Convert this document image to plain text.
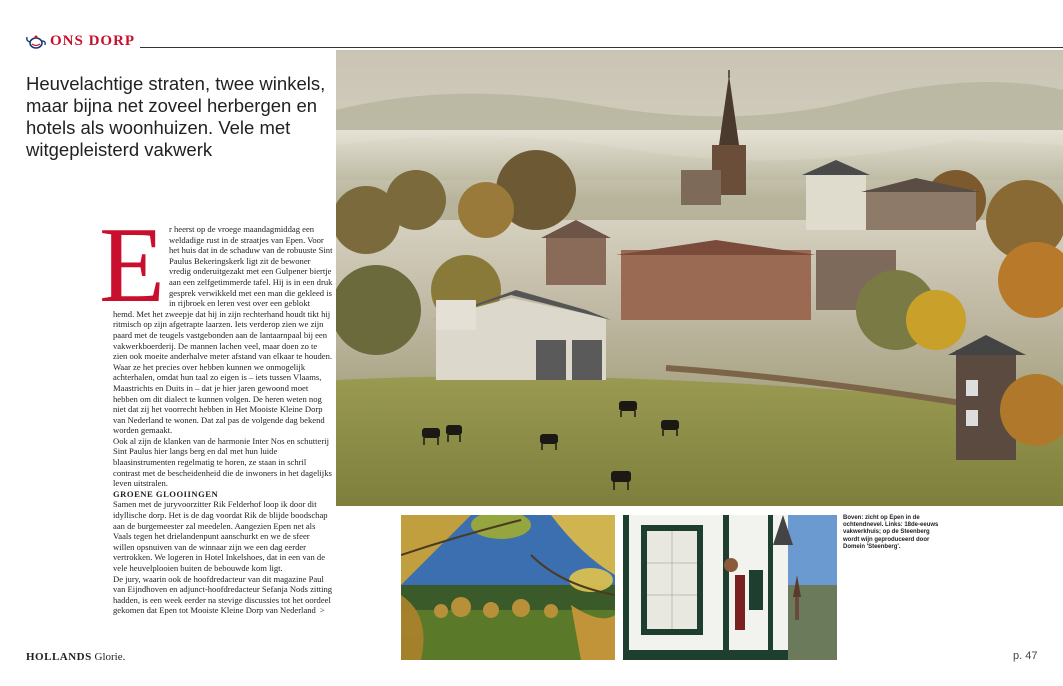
ONS DORP
Heuvelachtige straten, twee winkels, maar bijna net zoveel herbergen en hotels als woonhuizen. Vele met witgepleisterd vakwerk
E r heerst op de vroege maandagmiddag een weldadige rust in de straatjes van Epen. Voor het huis dat in de schaduw van de robuuste Sint Paulus Bekeringskerk ligt zit de bewoner vredig onderuitgezakt met een Gulpener biertje aan een zelfgetimmerde tafel. Hij is in een druk gesprek verwikkeld met een man die gekleed is in rijbroek en leren vest over een geblokt hemd. Met het zweepje dat hij in zijn rechterhand houdt tikt hij ritmisch op zijn afgetrapte laarzen. Iets verderop zien we zijn paard met de teugels vastgebonden aan de lantaarnpaal bij een vakwerkboerderij. De mannen lachen veel, maar doen zo te zien ook moeite anderhalve meter afstand van elkaar te houden. Waar ze het precies over hebben kunnen we onmogelijk achterhalen, omdat hun taal zo eigen is – iets tussen Vlaams, Maastrichts en Duits in – dat je hier jaren gewoond moet hebben om dit dialect te kunnen volgen. De heren weten nog niet dat zij het voorrecht hebben in Het Mooiste Kleine Dorp van Nederland te wonen. Dat zal pas de volgende dag bekend worden gemaakt.

Ook al zijn de klanken van de harmonie Inter Nos en schutterij Sint Paulus hier langs berg en dal met hun luide blaasinstrumenten regelmatig te horen, ze staan in schril contrast met de bescheidenheid die de inwoners in het dagelijks leven uitstralen.

GROENE GLOOIINGEN

Samen met de juryvoorzitter Rik Felderhof loop ik door dit idyllische dorp. Het is de dag voordat Rik de blijde boodschap aan de burgemeester zal meedelen. Aangezien Epen net als Vaals tegen het drielandenpunt aanschurkt en we de sfeer willen opsnuiven van de winnaar zijn we een dag eerder vertrokken. We logeren in Hotel Inkelshoes, dat in een van de vele heuvelplooien buiten de bebouwde kom ligt.

De jury, waarin ook de hoofdredacteur van dit magazine Paul van Eijndhoven en adjunct-hoofdredacteur Sefanja Nods zitting hadden, is een week eerder na stevige discussies tot het oordeel gekomen dat Epen tot Mooiste Kleine Dorp van Nederland >

Boven: zicht op Epen in de ochtendnevel. Links: 18de-eeuws vakwerkhuis; op de Steenberg wordt wijn geproduceerd door Domein 'Steenberg'.
HOLLANDS Glorie.	p. 47
